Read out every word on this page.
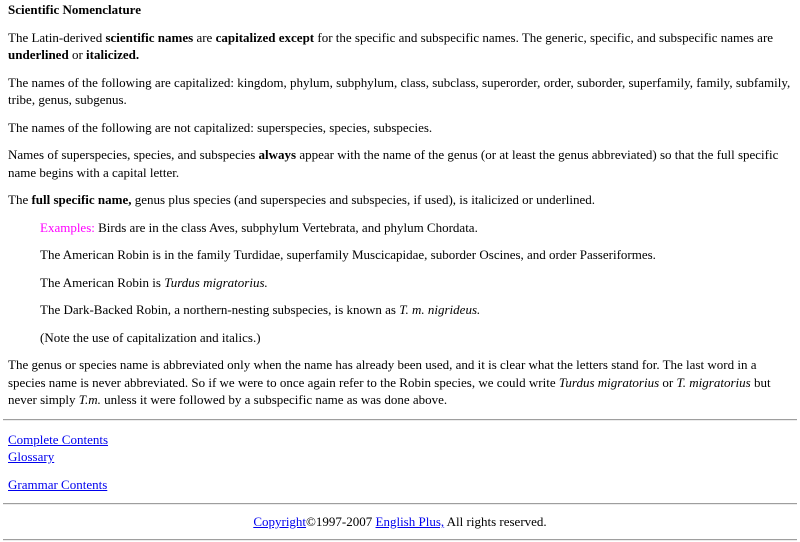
Scientific Nomenclature

The Latin-derived scientific names are capitalized except for the specific and subspecific names. The generic, specific, and subspecific names are underlined or italicized.

The names of the following are capitalized: kingdom, phylum, subphylum, class, subclass, superorder, order, suborder, superfamily, family, subfamily, tribe, genus, subgenus.

The names of the following are not capitalized: superspecies, species, subspecies.

Names of superspecies, species, and subspecies always appear with the name of the genus (or at least the genus abbreviated) so that the full specific name begins with a capital letter.

The full specific name, genus plus species (and superspecies and subspecies, if used), is italicized or underlined.

Examples: Birds are in the class Aves, subphylum Vertebrata, and phylum Chordata.

The American Robin is in the family Turdidae, superfamily Muscicapidae, suborder Oscines, and order Passeriformes.

The American Robin is Turdus migratorius.

The Dark-Backed Robin, a northern-nesting subspecies, is known as T. m. nigrideus.

(Note the use of capitalization and italics.)

The genus or species name is abbreviated only when the name has already been used, and it is clear what the letters stand for. The last word in a species name is never abbreviated. So if we were to once again refer to the Robin species, we could write Turdus migratorius or T. migratorius but never simply T.m. unless it were followed by a subspecific name as was done above.

Complete Contents
Glossary

Grammar Contents

Copyright©1997-2007 English Plus, All rights reserved.
